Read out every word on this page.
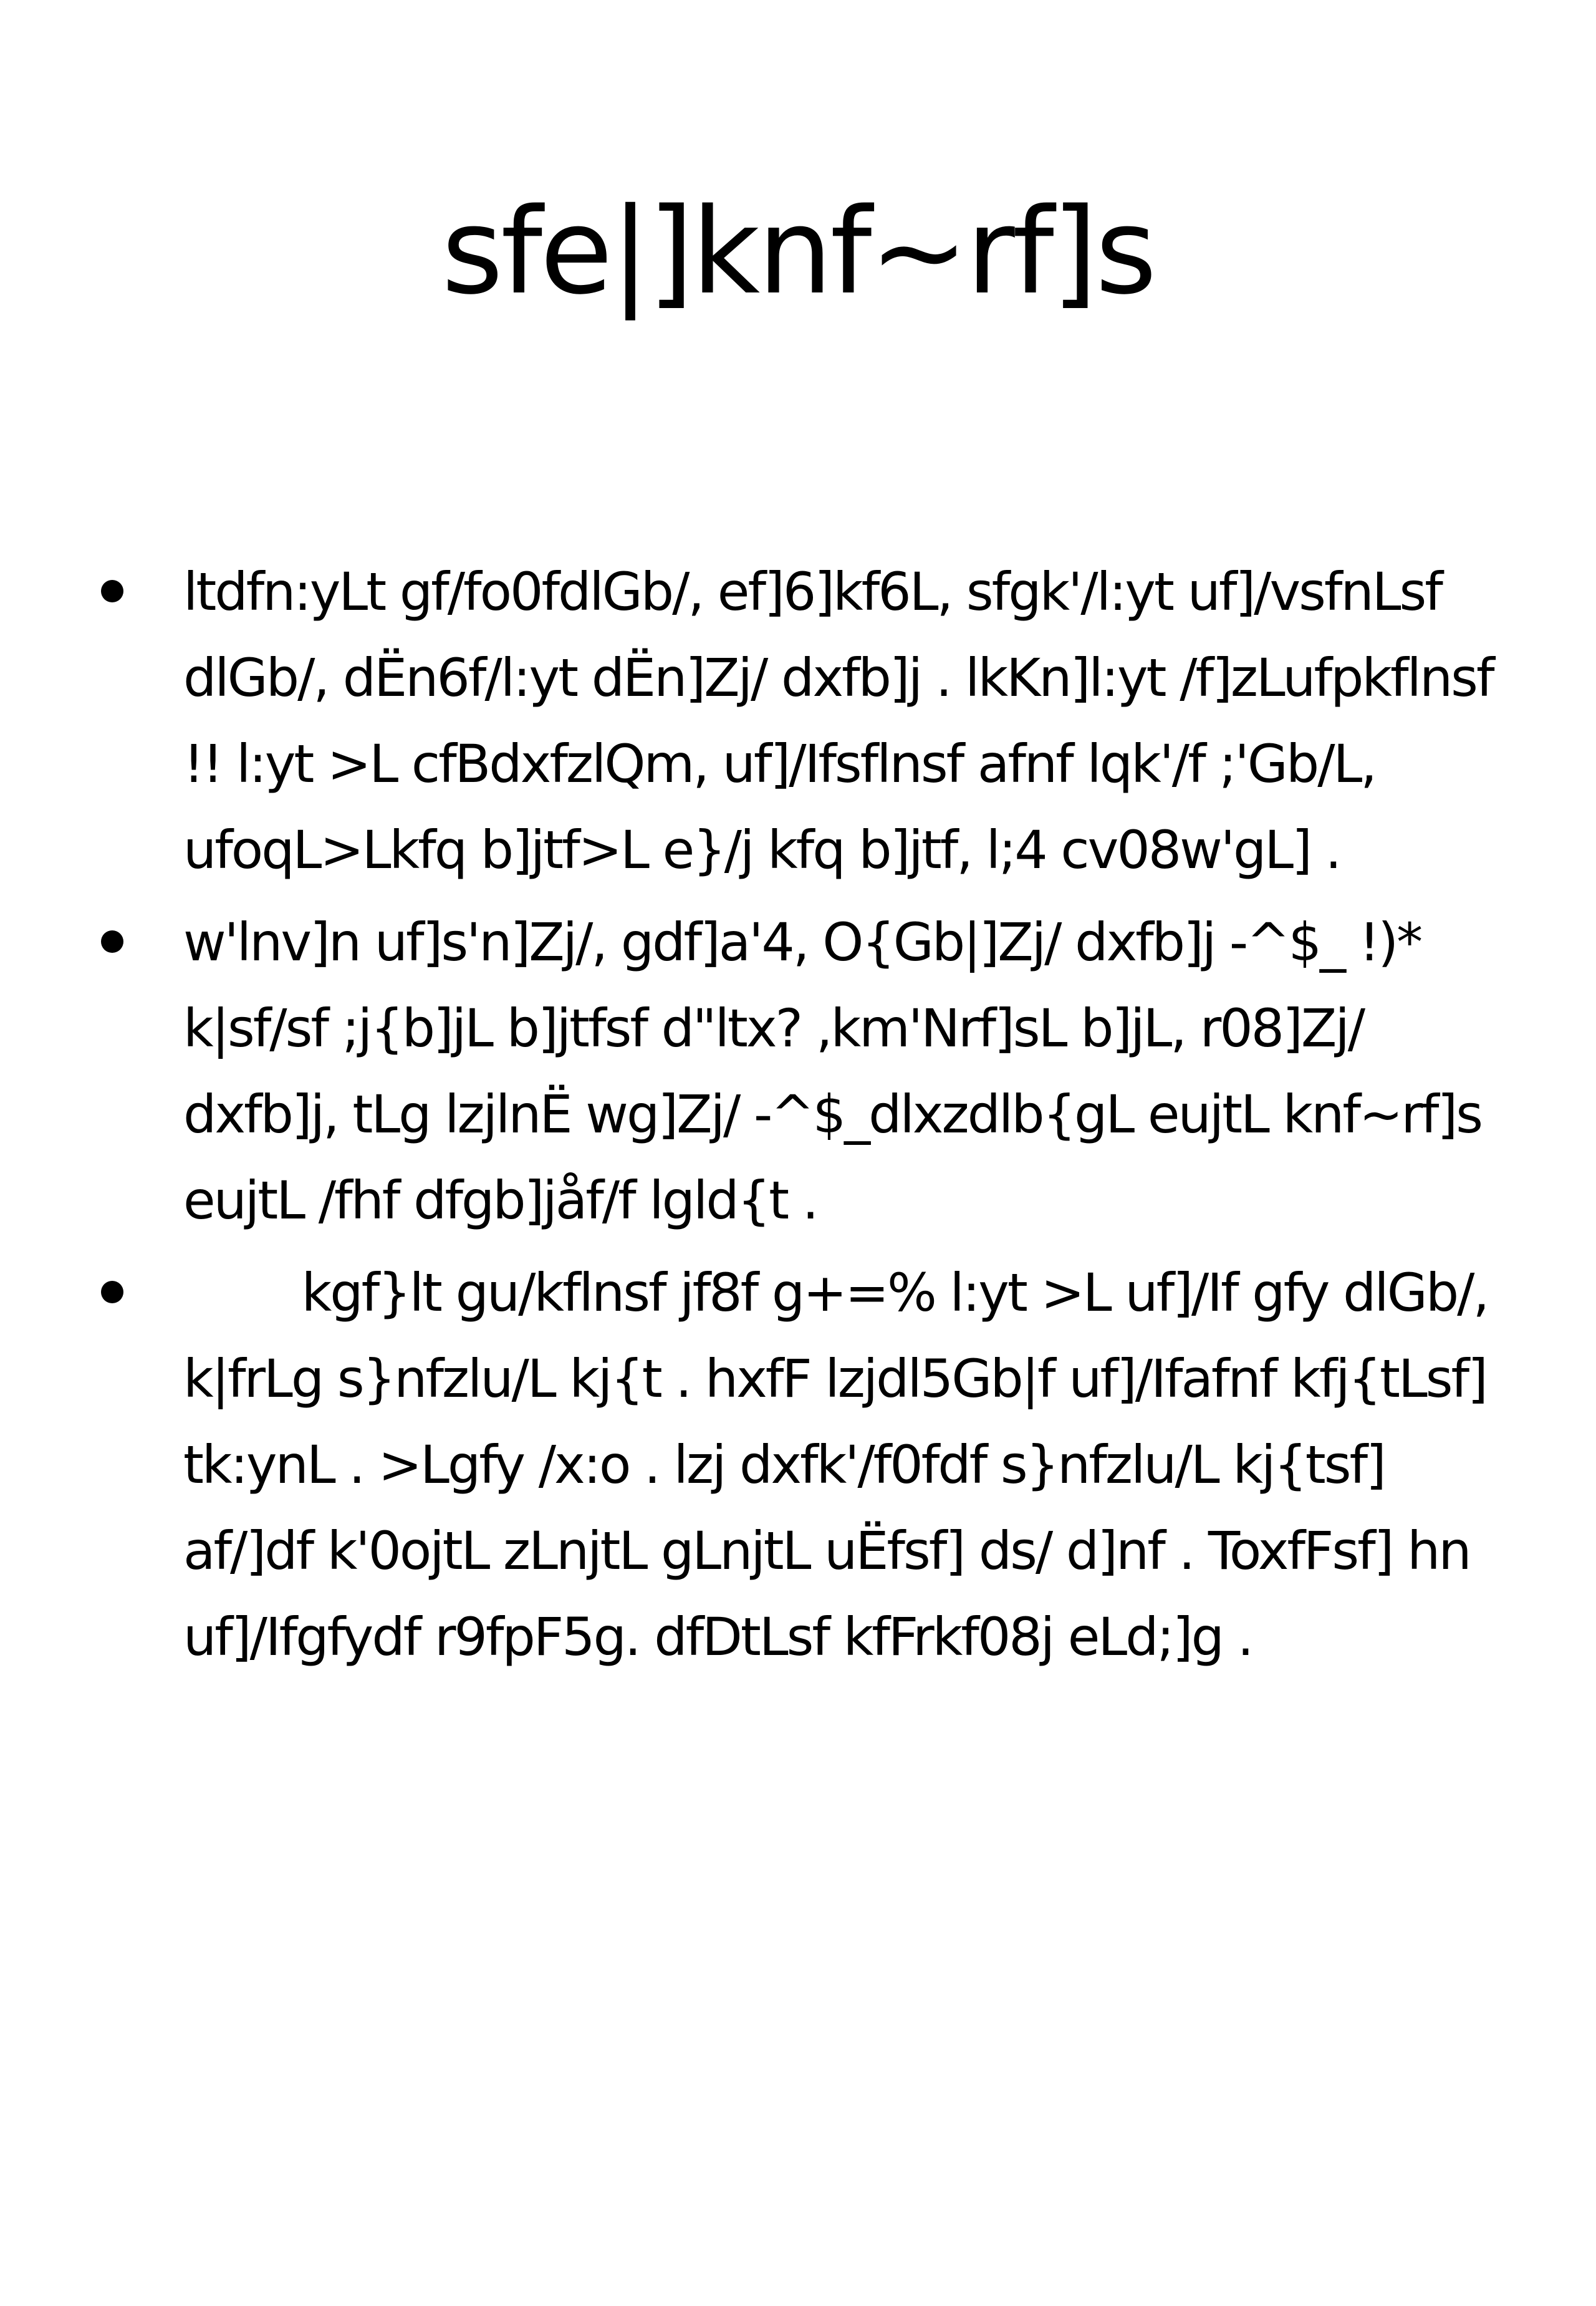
sfe|]knf~rf]s
ltdfn:yLt gf/fo0fdlGb/, ef]6]kf6L, sfgk'/l:yt uf]/vsfnLsf dlGb/, dËn6f/l:yt dËn]Zj/ dxfb]j . lkKn]l:yt /f]zLufpkflnsf !! l:yt >L cfBdxfzlQm, uf]/Ifsflnsf afnf lqk'/f ;'Gb/L, ufoqL>Lkfq b]jtf>L e}/j kfq b]jtf, l;4 cv08w'gL] .
w'lnv]n uf]s'n]Zj/, gdf]a'4, O{Gb|]Zj/ dxfb]j -^$_ !)* k|sf/sf ;j{b]jL b]jtfsf d"ltx? ,km'Nrf]sL b]jL, r08]Zj/ dxfb]j, tLg lzjlnË wg]Zj/ -^$_dlxzdlb{gL eujtL knf~rf]s eujtL /fhf dfgb]jåf/f lgld{t .
kgf}lt gu/kflnsf jf8f g+=% l:yt >L uf]/If gfy dlGb/, k|frLg s}nfzlu/L kj{t . hxfF lzjdl5Gb|f uf]/Ifafnf kfj{tLsf] tk:ynL . >Lgfy /x:o . lzj dxfk'/f0fdf s}nfzlu/L kj{tsf] af/]df k'0ojtL zLnjtL gLnjtL uËfsf] ds/ d]nf . ToxfFsf] hn uf]/Ifgfydf r9fpF5g. dfDtLsf kfFrkf08j eLd;]g .
